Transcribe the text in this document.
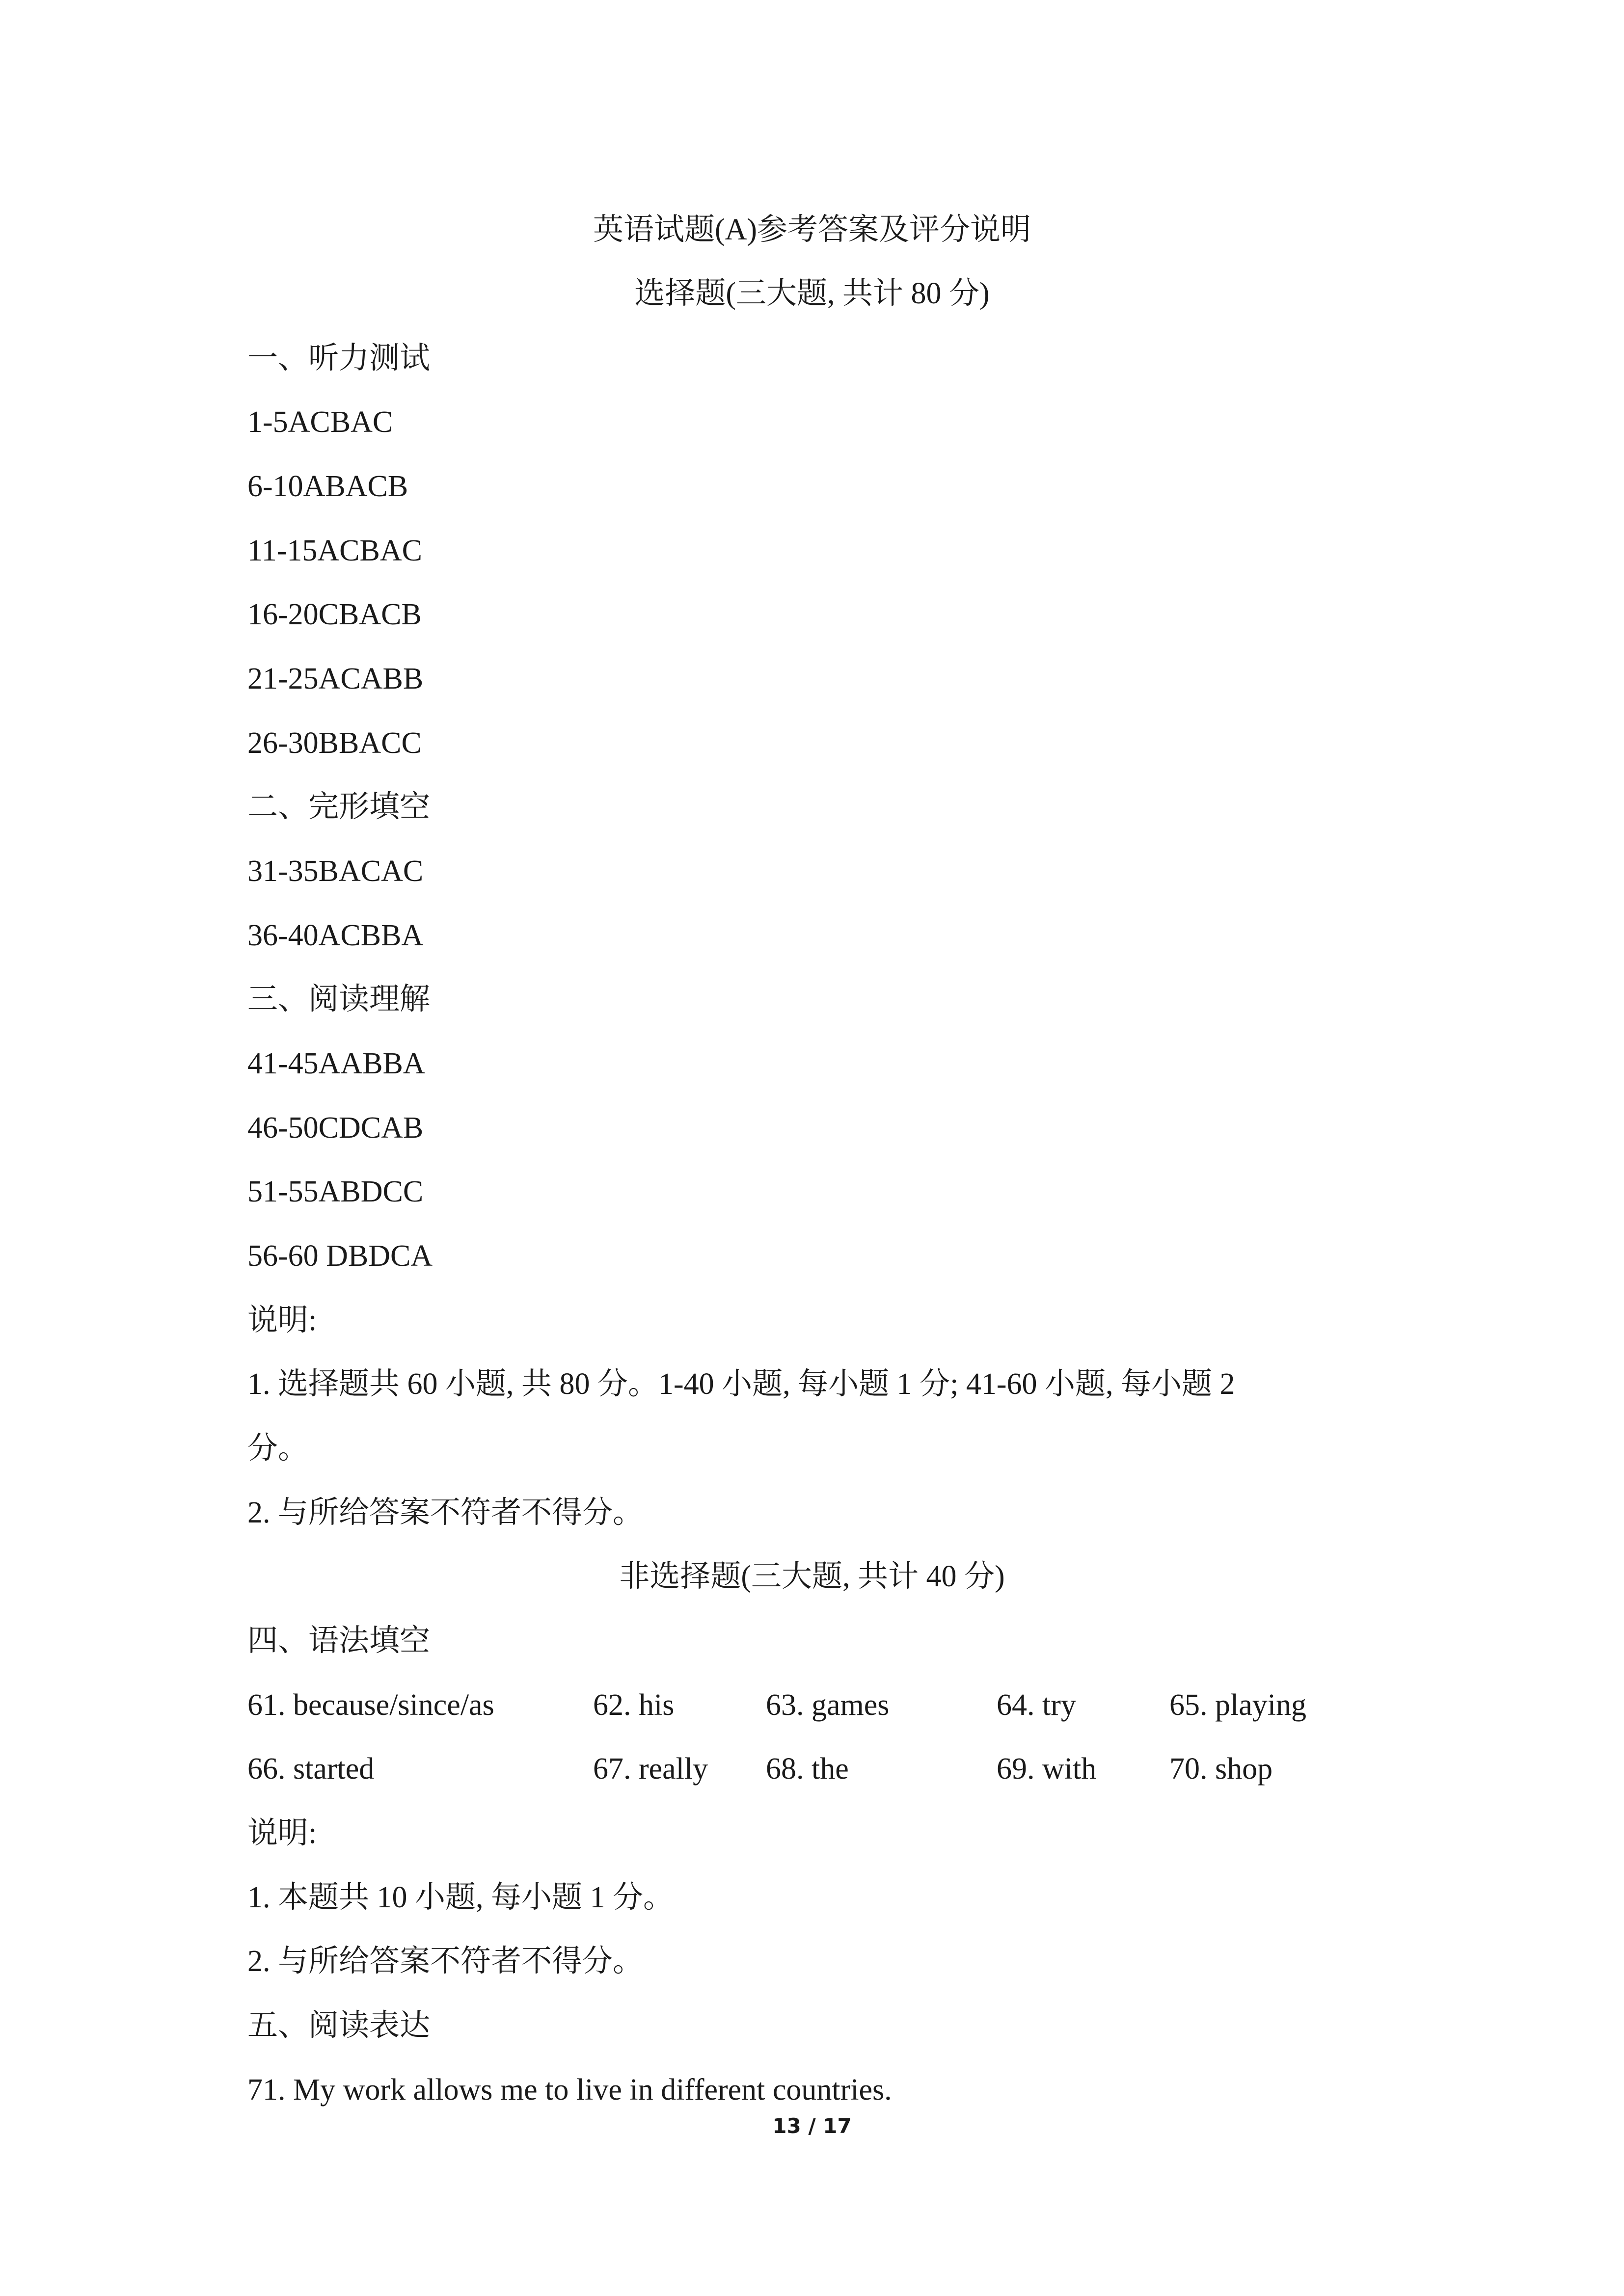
英语试题(A)参考答案及评分说明
选择题(三大题, 共计 80 分)
一、听力测试
1-5ACBAC
6-10ABACB
11-15ACBAC
16-20CBACB
21-25ACABB
26-30BBACC
二、完形填空
31-35BACAC
36-40ACBBA
三、阅读理解
41-45AABBA
46-50CDCAB
51-55ABDCC
56-60 DBDCA
说明:
1. 选择题共 60 小题, 共 80 分。1-40 小题, 每小题 1 分; 41-60 小题, 每小题 2
分。
2. 与所给答案不符者不得分。
非选择题(三大题, 共计 40 分)
四、语法填空
61. because/since/as	62. his	63. games	64. try	65. playing
66. started	67. really 68. the	69. with 70. shop
说明:
1. 本题共 10 小题, 每小题 1 分。
2. 与所给答案不符者不得分。
五、阅读表达
71. My work allows me to live in different countries.
13 / 17
